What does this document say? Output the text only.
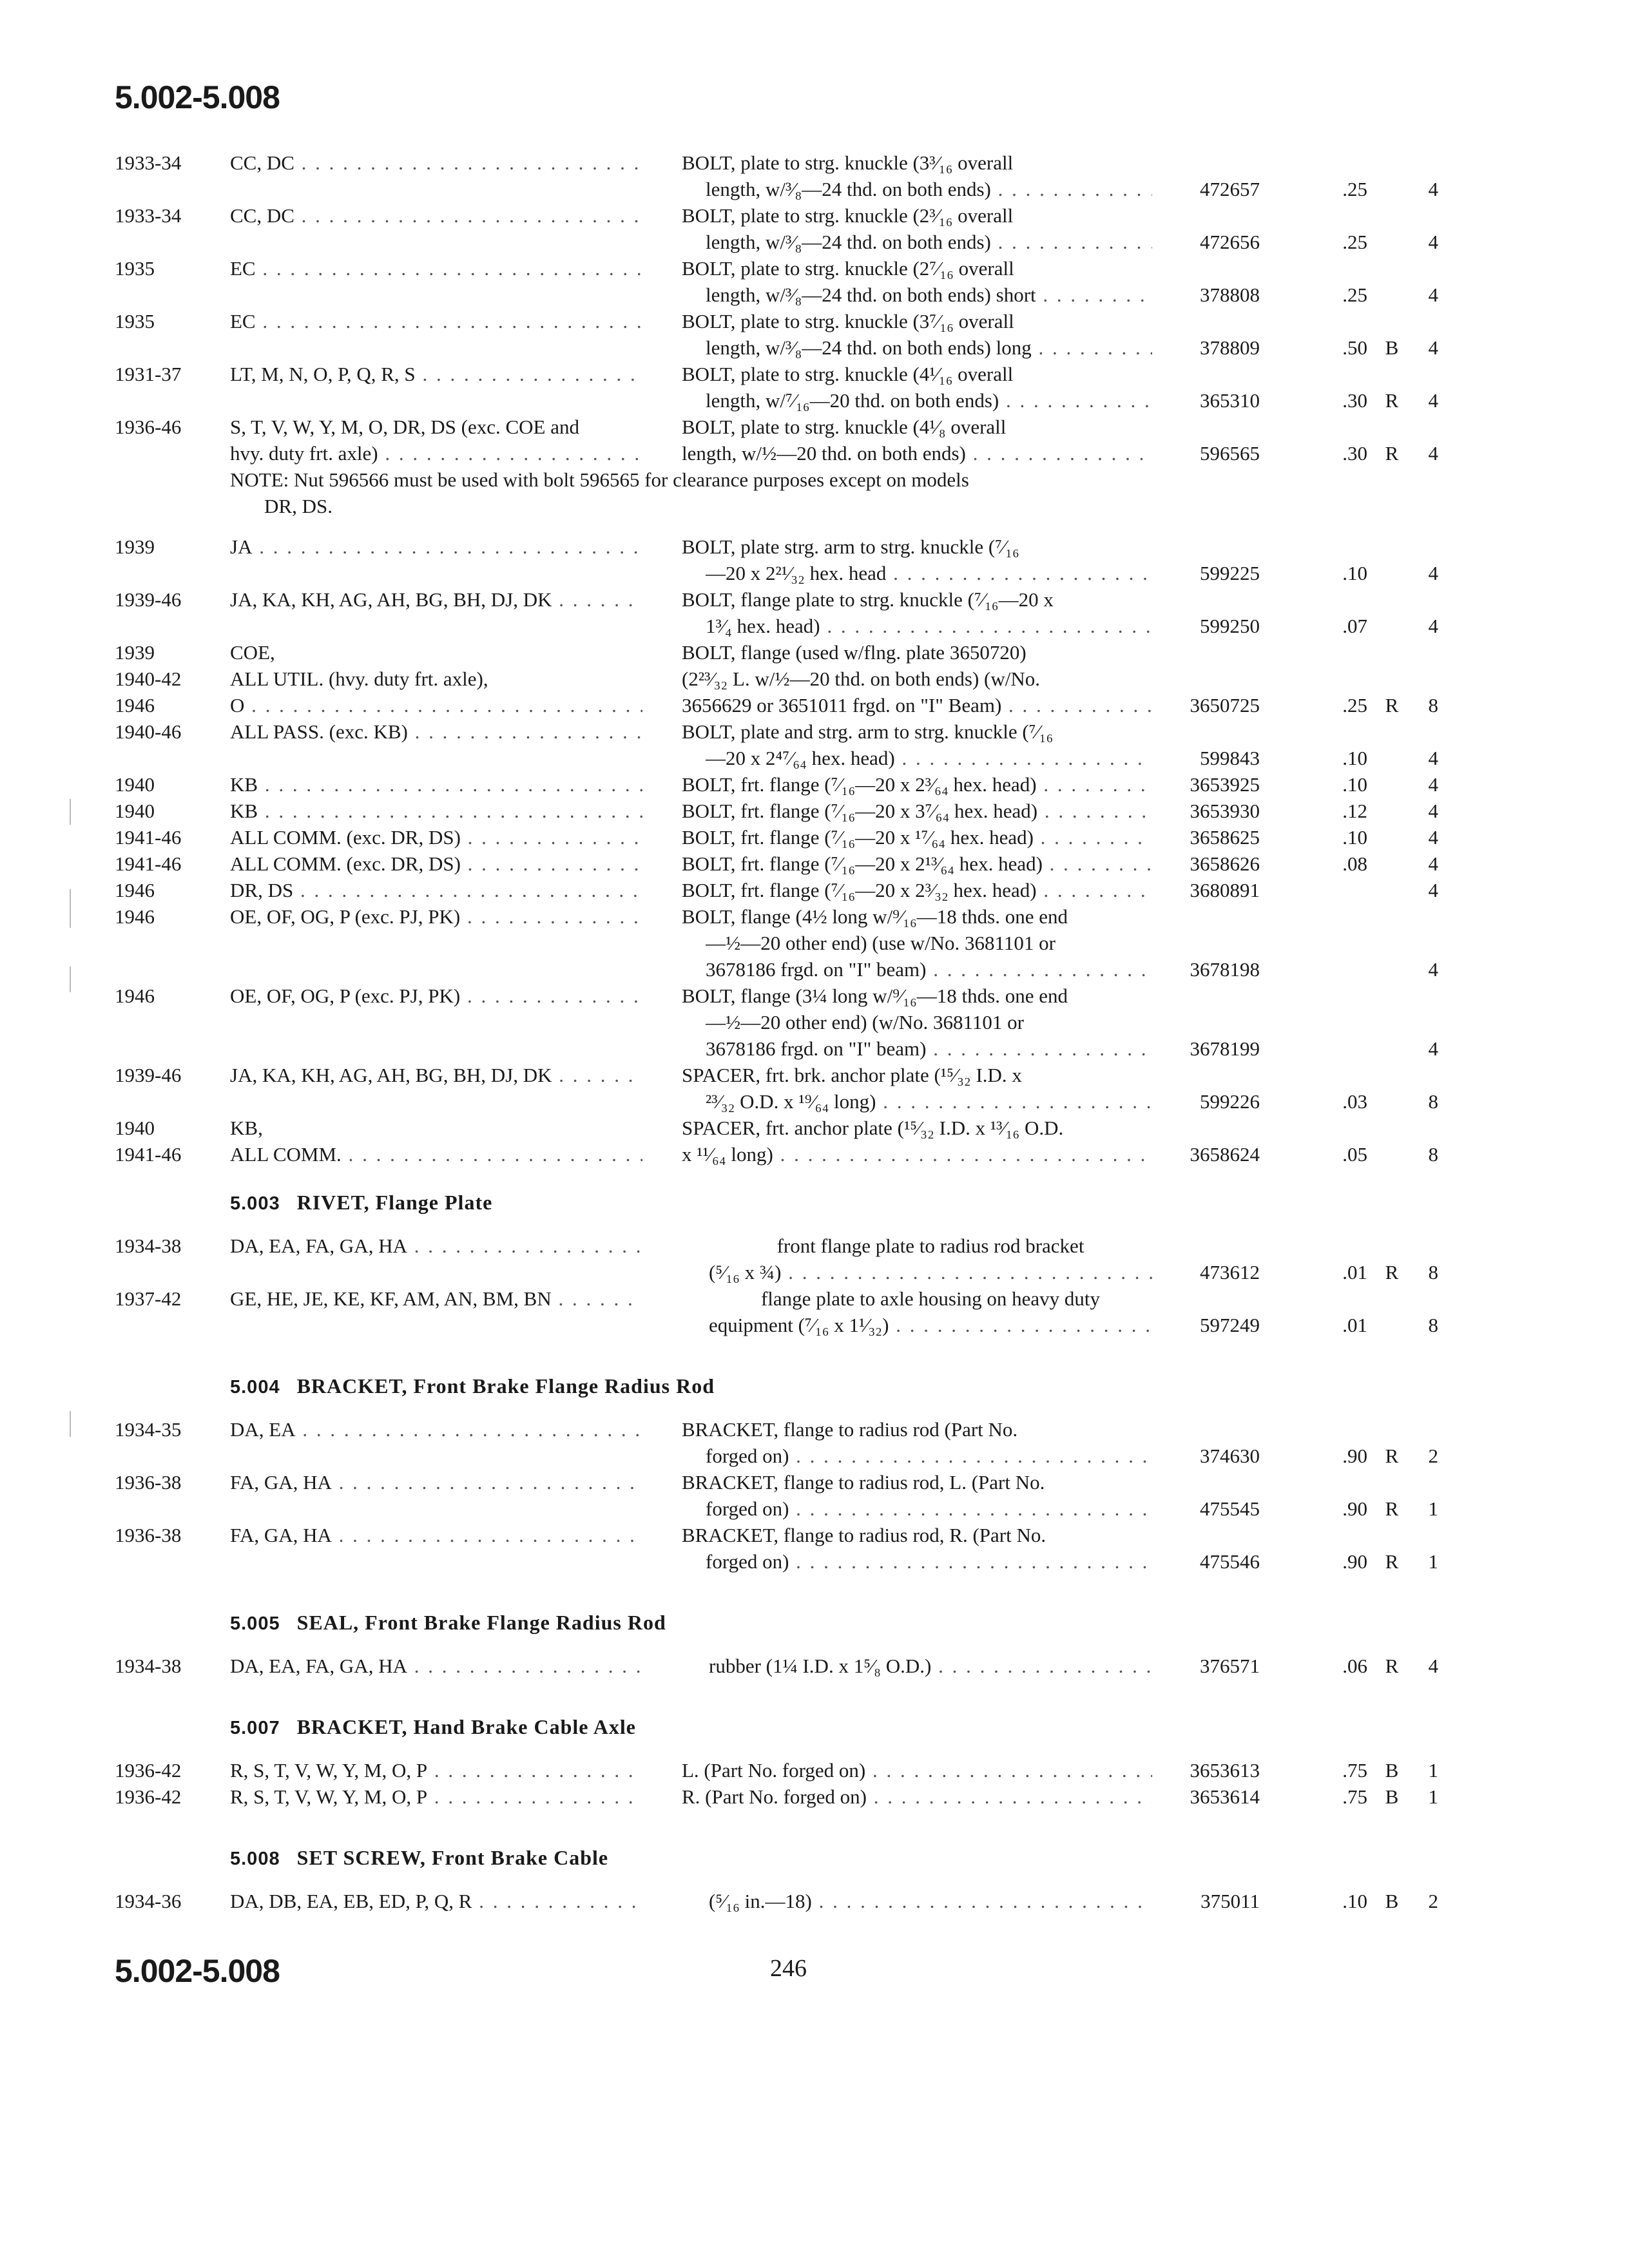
5.002-5.008
1933-34	CC, DC . . .	BOLT, plate to strg. knuckle (3³⁄₁₆ overall
length, w/³⁄₈—24 thd. on both ends) . . .	472657	.25	4
1933-34	CC, DC . . .	BOLT, plate to strg. knuckle (2³⁄₁₆ overall
length, w/³⁄₈—24 thd. on both ends) . . .	472656	.25	4
1935	EC . . .	BOLT, plate to strg. knuckle (2⁷⁄₁₆ overall
length, w/³⁄₈—24 thd. on both ends) short . . .	378808	.25	4
1935	EC . . .	BOLT, plate to strg. knuckle (3⁷⁄₁₆ overall
length, w/³⁄₈—24 thd. on both ends) long . . .	378809	.50 B	4
1931-37	LT, M, N, O, P, Q, R, S . . .	BOLT, plate to strg. knuckle (4¹⁄₁₆ overall
length, w/⁷⁄₁₆—20 thd. on both ends) . . .	365310	.30 R	4
1936-46	S, T, V, W, Y, M, O, DR, DS (exc. COE and	BOLT, plate to strg. knuckle (4¹⁄₈ overall
hvy. duty frt. axle) . . .	length, w/½—20 thd. on both ends) . . .	596565	.30 R	4
NOTE: Nut 596566 must be used with bolt 596565 for clearance purposes except on models
DR, DS.
1939	JA . . .	BOLT, plate strg. arm to strg. knuckle (⁷⁄₁₆
—20 x 2²¹⁄₃₂ hex. head . . .	599225	.10	4
1939-46	JA, KA, KH, AG, AH, BG, BH, DJ, DK . . .	BOLT, flange plate to strg. knuckle (⁷⁄₁₆—20 x
1³⁄₄ hex. head) . . .	599250	.07	4
1939	COE,	BOLT, flange (used w/flng. plate 3650720)
1940-42	ALL UTIL. (hvy. duty frt. axle),	(2²³⁄₃₂ L. w/½—20 thd. on both ends) (w/No.
1946	O . . .	3656629 or 3651011 frgd. on "I" Beam) . . .	3650725	.25 R	8
1940-46	ALL PASS. (exc. KB) . . .	BOLT, plate and strg. arm to strg. knuckle (⁷⁄₁₆
—20 x 2⁴⁷⁄₆₄ hex. head) . . .	599843	.10	4
1940	KB . . .	BOLT, frt. flange (⁷⁄₁₆—20 x 2³⁄₆₄ hex. head) . . .	3653925	.10	4
1940	KB . . .	BOLT, frt. flange (⁷⁄₁₆—20 x 3⁷⁄₆₄ hex. head) . . .	3653930	.12	4
1941-46	ALL COMM. (exc. DR, DS) . . .	BOLT, frt. flange (⁷⁄₁₆—20 x ¹⁷⁄₆₄ hex. head) . . .	3658625	.10	4
1941-46	ALL COMM. (exc. DR, DS) . . .	BOLT, frt. flange (⁷⁄₁₆—20 x 2¹³⁄₆₄ hex. head) . . .	3658626	.08	4
1946	DR, DS . . .	BOLT, frt. flange (⁷⁄₁₆—20 x 2³⁄₃₂ hex. head) . . .	3680891	4
1946	OE, OF, OG, P (exc. PJ, PK) . . .	BOLT, flange (4½ long w/⁹⁄₁₆—18 thds. one end
—½—20 other end) (use w/No. 3681101 or
3678186 frgd. on "I" beam) . . .	3678198	4
1946	OE, OF, OG, P (exc. PJ, PK) . . .	BOLT, flange (3¼ long w/⁹⁄₁₆—18 thds. one end
—½—20 other end) (w/No. 3681101 or
3678186 frgd. on "I" beam) . . .	3678199	4
1939-46	JA, KA, KH, AG, AH, BG, BH, DJ, DK . . .	SPACER, frt. brk. anchor plate (¹⁵⁄₃₂ I.D. x
²³⁄₃₂ O.D. x ¹⁹⁄₆₄ long) . . .	599226	.03	8
1940	KB,	SPACER, frt. anchor plate (¹⁵⁄₃₂ I.D. x ¹³⁄₁₆ O.D.
1941-46	ALL COMM. . . .	x ¹¹⁄₆₄ long) . . .	3658624	.05	8
5.003 RIVET, Flange Plate
1934-38	DA, EA, FA, GA, HA . . .	front flange plate to radius rod bracket
(⁵⁄₁₆ x ¾) . . .	473612	.01 R	8
1937-42	GE, HE, JE, KE, KF, AM, AN, BM, BN . . .	flange plate to axle housing on heavy duty
equipment (⁷⁄₁₆ x 1¹⁄₃₂) . . .	597249	.01	8
5.004 BRACKET, Front Brake Flange Radius Rod
1934-35	DA, EA . . .	BRACKET, flange to radius rod (Part No.
forged on) . . .	374630	.90 R	2
1936-38	FA, GA, HA . . .	BRACKET, flange to radius rod, L. (Part No.
forged on) . . .	475545	.90 R	1
1936-38	FA, GA, HA . . .	BRACKET, flange to radius rod, R. (Part No.
forged on) . . .	475546	.90 R	1
5.005 SEAL, Front Brake Flange Radius Rod
1934-38	DA, EA, FA, GA, HA . . .	rubber (1¼ I.D. x 1⁵⁄₈ O.D.) . . .	376571	.06 R	4
5.007 BRACKET, Hand Brake Cable Axle
1936-42	R, S, T, V, W, Y, M, O, P . . .	L. (Part No. forged on) . . .	3653613	.75 B	1
1936-42	R, S, T, V, W, Y, M, O, P . . .	R. (Part No. forged on) . . .	3653614	.75 B	1
5.008 SET SCREW, Front Brake Cable
1934-36	DA, DB, EA, EB, ED, P, Q, R . . .	(⁵⁄₁₆ in.—18) . . .	375011	.10 B	2
5.002-5.008	246
